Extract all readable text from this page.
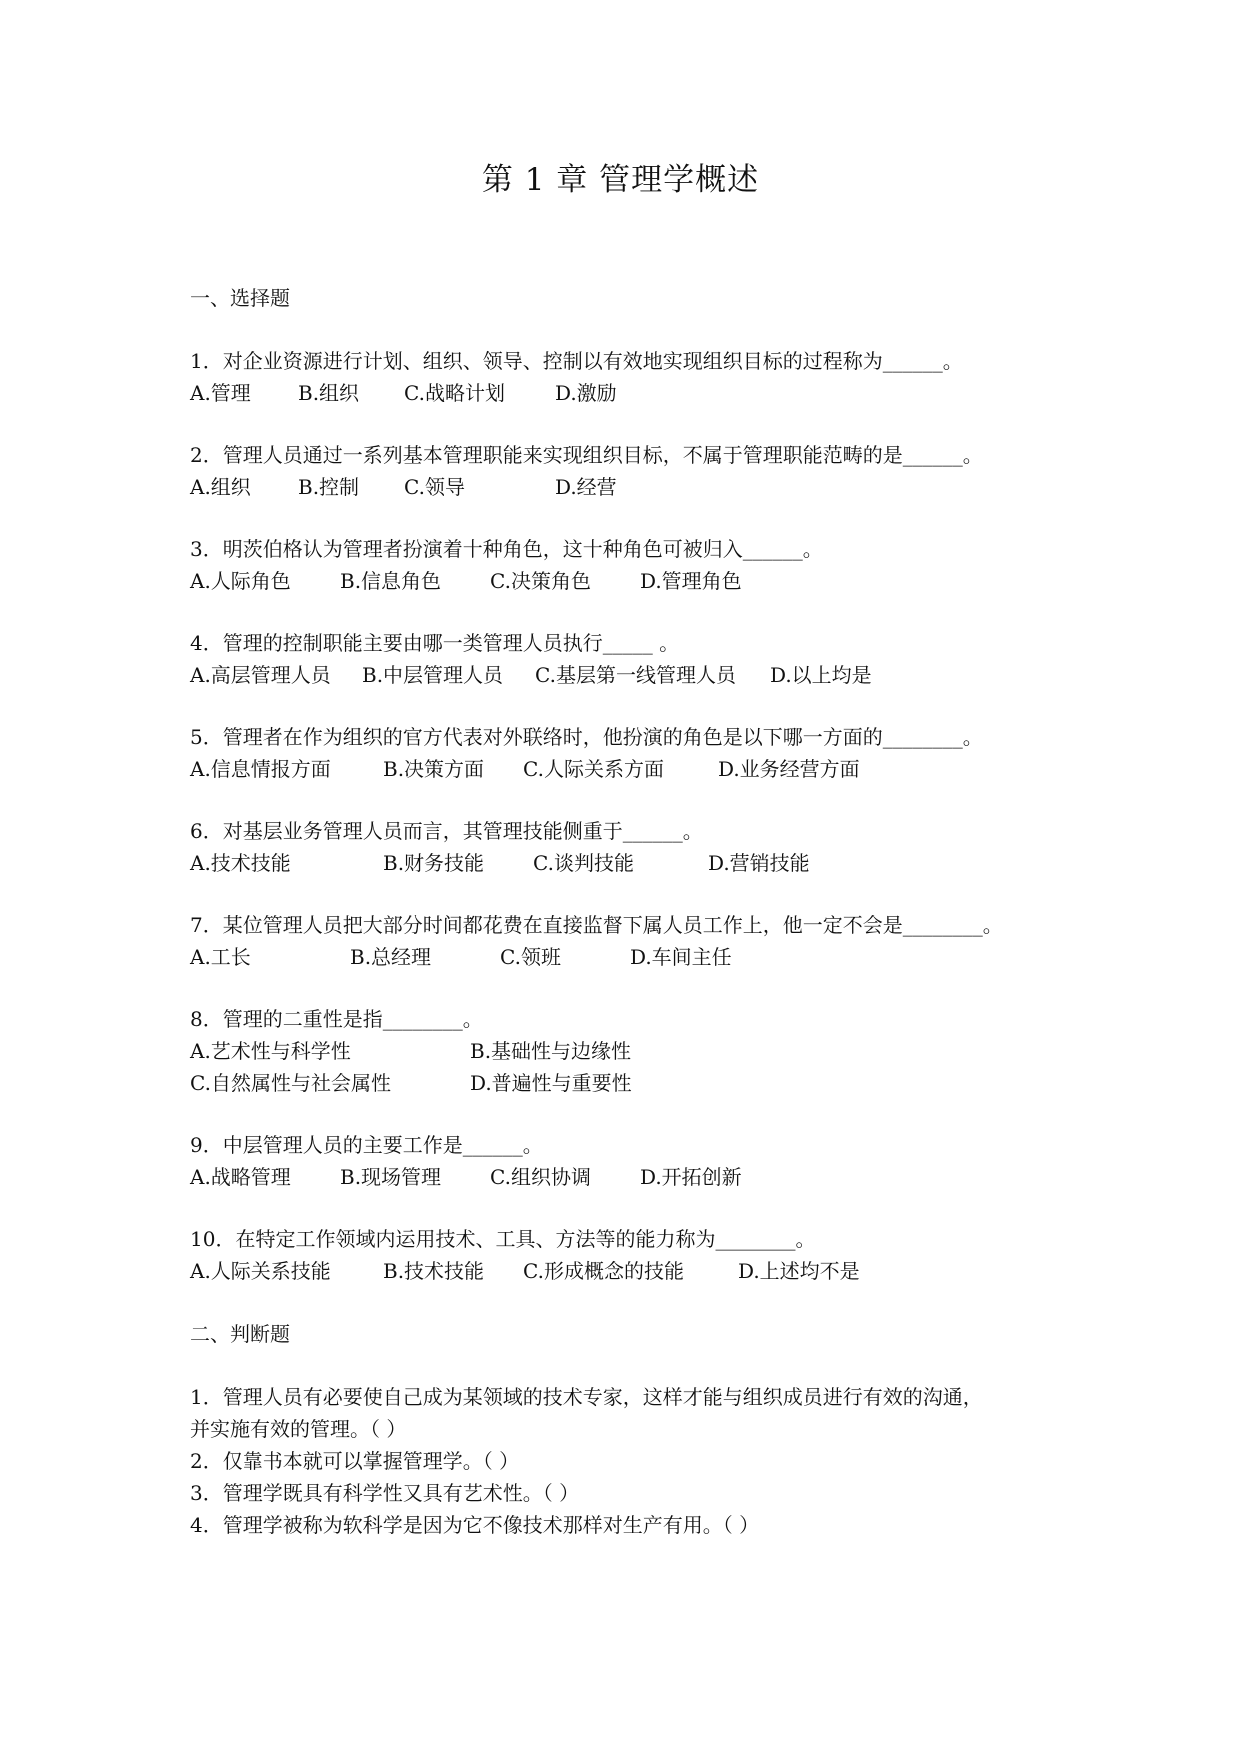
第 1 章 管理学概述
一、选择题
1．对企业资源进行计划、组织、领导、控制以有效地实现组织目标的过程称为______。
A.管理 B.组织 C.战略计划	D.激励
2．管理人员通过一系列基本管理职能来实现组织目标，不属于管理职能范畴的是______。
A.组织 B.控制 C.领导	D.经营
3．明茨伯格认为管理者扮演着十种角色，这十种角色可被归入______。
A.人际角色 B.信息角色 C.决策角色 D.管理角色
4．管理的控制职能主要由哪一类管理人员执行_____ 。
A.高层管理人员 B.中层管理人员 C.基层第一线管理人员 D.以上均是
5．管理者在作为组织的官方代表对外联络时，他扮演的角色是以下哪一方面的________。
A.信息情报方面	B.决策方面 C.人际关系方面	D.业务经营方面
6．对基层业务管理人员而言，其管理技能侧重于______。
A.技术技能	B.财务技能 C.谈判技能	D.营销技能
7．某位管理人员把大部分时间都花费在直接监督下属人员工作上，他一定不会是________。
A.工长	B.总经理	C.领班	D.车间主任
8．管理的二重性是指________。
A.艺术性与科学性	B.基础性与边缘性
C.自然属性与社会属性	D.普遍性与重要性
9．中层管理人员的主要工作是______。
A.战略管理 B.现场管理 C.组织协调 D.开拓创新
10．在特定工作领域内运用技术、工具、方法等的能力称为________。
A.人际关系技能	B.技术技能 C.形成概念的技能	D.上述均不是
二、判断题
1．管理人员有必要使自己成为某领域的技术专家，这样才能与组织成员进行有效的沟通，
并实施有效的管理。（ ）
2．仅靠书本就可以掌握管理学。（ ）
3．管理学既具有科学性又具有艺术性。（ ）
4．管理学被称为软科学是因为它不像技术那样对生产有用。（ ）
